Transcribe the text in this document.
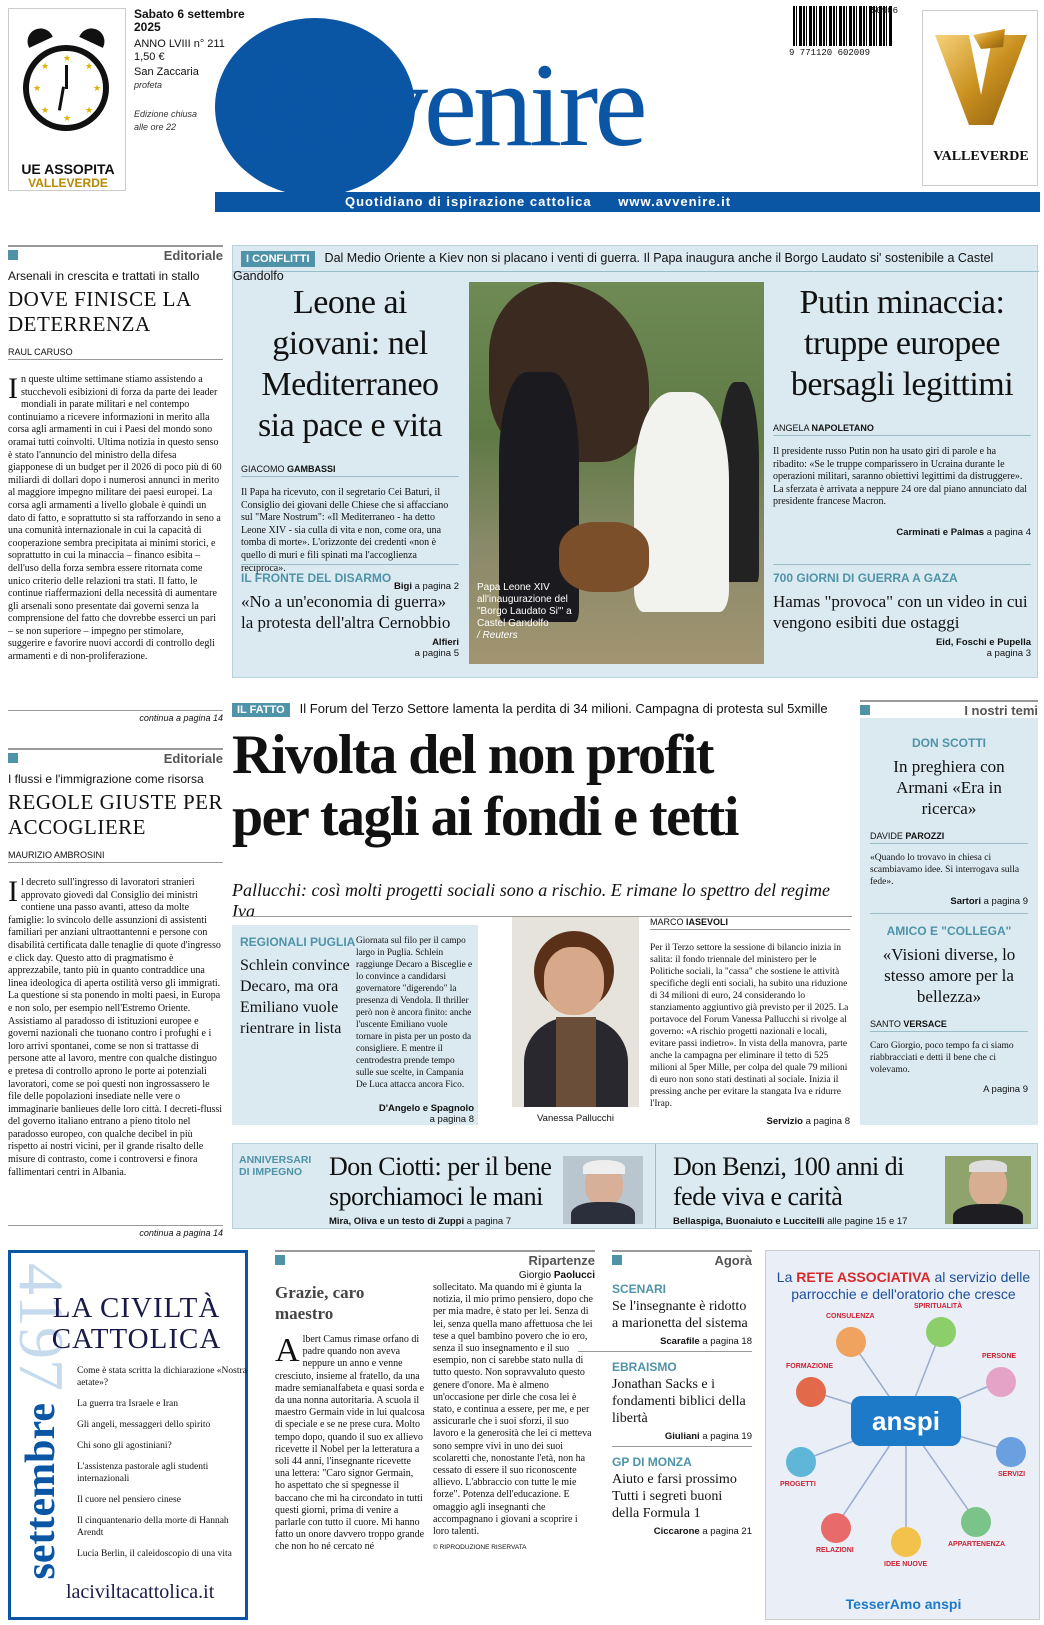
★
★
★
★
★
★
★
★
UE ASSOPITA
VALLEVERDE
Sabato 6 settembre 2025
ANNO LVIII n° 211
1,50 €
San Zaccaria
profeta
Edizione chiusa alle ore 22 Avvenire
Quotidiano di ispirazione cattolica www.avvenire.it
50906
9 771120 602009
VALLEVERDE
Editoriale
Arsenali in crescita e trattati in stallo
DOVE FINISCE LA DETERRENZA
RAUL CARUSO
In queste ultime settimane stiamo assistendo a stucchevoli esibizioni di forza da parte dei leader mondiali in parate militari e nel contempo continuiamo a ricevere informazioni in merito alla corsa agli armamenti in cui i Paesi del mondo sono oramai tutti coinvolti. Ultima notizia in questo senso è stato l'annuncio del ministro della difesa giapponese di un budget per il 2026 di poco più di 60 miliardi di dollari dopo i numerosi annunci in merito al maggiore impegno militare dei paesi europei. La corsa agli armamenti a livello globale è quindi un dato di fatto, e soprattutto si sta rafforzando in seno a una comunità internazionale in cui la capacità di cooperazione sembra precipitata ai minimi storici, e soprattutto in cui la minaccia – financo esibita – dell'uso della forza sembra essere ritornata come unico criterio delle relazioni tra stati. Il fatto, le continue riaffermazioni della necessità di aumentare gli arsenali sono presentate dai governi senza la comprensione del fatto che dovrebbe esserci un pari – se non superiore – impegno per stimolare, suggerire e favorire nuovi accordi di controllo degli armamenti e di non-proliferazione.
continua a pagina 14
Editoriale
I flussi e l'immigrazione come risorsa
REGOLE GIUSTE PER ACCOGLIERE
MAURIZIO AMBROSINI
Il decreto sull'ingresso di lavoratori stranieri approvato giovedì dal Consiglio dei ministri contiene una passo avanti, atteso da molte famiglie: lo svincolo delle assunzioni di assistenti familiari per anziani ultraottantenni e persone con disabilità certificata dalle tenaglie di quote d'ingresso e click day. Questo atto di pragmatismo è apprezzabile, tanto più in quanto contraddice una linea ideologica di aperta ostilità verso gli immigrati. La questione si sta ponendo in molti paesi, in Europa e non solo, per esempio nell'Estremo Oriente. Assistiamo al paradosso di istituzioni europee e governi nazionali che tuonano contro i profughi e i loro arrivi spontanei, come se non si trattasse di persone atte al lavoro, mentre con qualche distinguo e pretesa di controllo aprono le porte ai potenziali lavoratori, come se poi questi non ingrossassero le file delle popolazioni insediate nelle vere o immaginarie banlieues delle loro città. I decreti-flussi del governo italiano entrano a pieno titolo nel paradosso europeo, con qualche decibel in più rispetto ai nostri vicini, per il grande risalto delle misure di contrasto, come i controversi e finora fallimentari centri in Albania.
continua a pagina 14
I CONFLITTI Dal Medio Oriente a Kiev non si placano i venti di guerra. Il Papa inaugura anche il Borgo Laudato si' sostenibile a Castel Gandolfo
Leone ai giovani: nel Mediterraneo sia pace e vita
GIACOMO GAMBASSI
Il Papa ha ricevuto, con il segretario Cei Baturi, il Consiglio dei giovani delle Chiese che si affacciano sul "Mare Nostrum": «Il Mediterraneo - ha detto Leone XIV - sia culla di vita e non, come ora, una tomba di morte». L'orizzonte dei credenti «non è quello di muri e fili spinati ma l'accoglienza reciproca».
Bigi a pagina 2
IL FRONTE DEL DISARMO
«No a un'economia di guerra» la protesta dell'altra Cernobbio
Alfieri
a pagina 5
Papa Leone XIV all'inaugurazione del "Borgo Laudato Si'" a Castel Gandolfo
/ Reuters
Putin minaccia: truppe europee bersagli legittimi
ANGELA NAPOLETANO
Il presidente russo Putin non ha usato giri di parole e ha ribadito: «Se le truppe comparissero in Ucraina durante le operazioni militari, saranno obiettivi legittimi da distruggere». La sferzata è arrivata a neppure 24 ore dal piano annunciato dal presidente francese Macron.
Carminati e Palmas a pagina 4
700 GIORNI DI GUERRA A GAZA
Hamas "provoca" con un video in cui vengono esibiti due ostaggi
Eid, Foschi e Pupella
a pagina 3
IL FATTO Il Forum del Terzo Settore lamenta la perdita di 34 milioni. Campagna di protesta sul 5xmille
Rivolta del non profit
per tagli ai fondi e tetti
Pallucchi: così molti progetti sociali sono a rischio. E rimane lo spettro del regime Iva
REGIONALI PUGLIA
Schlein convince Decaro, ma ora Emiliano vuole rientrare in lista
Giornata sul filo per il campo largo in Puglia. Schlein raggiunge Decaro a Bisceglie e lo convince a candidarsi governatore "digerendo" la presenza di Vendola. Il thriller però non è ancora finito: anche l'uscente Emiliano vuole tornare in pista per un posto da consigliere. E mentre il centrodestra prende tempo sulle sue scelte, in Campania De Luca attacca ancora Fico.
D'Angelo e Spagnolo
a pagina 8	Vanessa Pallucchi
MARCO IASEVOLI
Per il Terzo settore la sessione di bilancio inizia in salita: il fondo triennale del ministero per le Politiche sociali, la "cassa" che sostiene le attività specifiche degli enti sociali, ha subito una riduzione di 34 milioni di euro, 24 considerando lo stanziamento aggiuntivo già previsto per il 2025. La portavoce del Forum Vanessa Pallucchi si rivolge al governo: «A rischio progetti nazionali e locali, evitare passi indietro». In vista della manovra, parte anche la campagna per eliminare il tetto di 525 milioni al 5per Mille, per colpa del quale 79 milioni di euro non sono stati destinati al sociale. Inizia il pressing anche per evitare la stangata Iva e ridurre l'Irap.
Servizio a pagina 8
I nostri temi
DON SCOTTI
In preghiera con Armani «Era in ricerca»
DAVIDE PAROZZI
«Quando lo trovavo in chiesa ci scambiavamo idee. Si interrogava sulla fede».
Sartori a pagina 9
AMICO E "COLLEGA"
«Visioni diverse, lo stesso amore per la bellezza»
SANTO VERSACE
Caro Giorgio, poco tempo fa ci siamo riabbracciati e detti il bene che ci volevamo.
A pagina 9
ANNIVERSARI DI IMPEGNO	Don Ciotti: per il bene sporchiamoci le mani
Mira, Oliva e un testo di Zuppi a pagina 7
Don Benzi, 100 anni di fede viva e carità
Bellaspiga, Buonaiuto e Luccitelli alle pagine 15 e 17
4197
settembre
LA CIVILTÀ CATTOLICA
Come è stata scritta la dichiarazione «Nostra aetate»?
La guerra tra Israele e Iran
Gli angeli, messaggeri dello spirito
Chi sono gli agostiniani?
L'assistenza pastorale agli studenti internazionali
Il cuore nel pensiero cinese
Il cinquantenario della morte di Hannah Arendt
Lucia Berlin, il caleidoscopio di una vita
laciviltacattolica.it
Ripartenze
Giorgio Paolucci
Grazie, caro maestro
Albert Camus rimase orfano di padre quando non aveva neppure un anno e venne cresciuto, insieme al fratello, da una madre semianalfabeta e quasi sorda e da una nonna autoritaria. A scuola il maestro Germain vide in lui qualcosa di speciale e se ne prese cura. Molto tempo dopo, quando il suo ex allievo ricevette il Nobel per la letteratura a soli 44 anni, l'insegnante ricevette una lettera: "Caro signor Germain, ho aspettato che si spegnesse il baccano che mi ha circondato in tutti questi giorni, prima di venire a parlarle con tutto il cuore. Mi hanno fatto un onore davvero troppo grande che non ho né cercato né
sollecitato. Ma quando mi è giunta la notizia, il mio primo pensiero, dopo che per mia madre, è stato per lei. Senza di lei, senza quella mano affettuosa che lei tese a quel bambino povero che io ero, senza il suo insegnamento e il suo esempio, non ci sarebbe stato nulla di tutto questo. Non sopravvaluto questo genere d'onore. Ma è almeno un'occasione per dirle che cosa lei è stato, e continua a essere, per me, e per assicurarle che i suoi sforzi, il suo lavoro e la generosità che lei ci metteva sono sempre vivi in uno dei suoi scolaretti che, nonostante l'età, non ha cessato di essere il suo riconoscente allievo. L'abbraccio con tutte le mie forze". Potenza dell'educazione. E omaggio agli insegnanti che accompagnano i giovani a scoprire i loro talenti.
© RIPRODUZIONE RISERVATA
Agorà
SCENARI
Se l'insegnante è ridotto a marionetta del sistema
Scarafile a pagina 18
EBRAISMO
Jonathan Sacks e i fondamenti biblici della libertà
Giuliani a pagina 19
GP DI MONZA
Aiuto e farsi prossimo Tutti i segreti buoni della Formula 1
Ciccarone a pagina 21
La RETE ASSOCIATIVA al servizio delle parrocchie e dell'oratorio che cresce
CONSULENZA
SPIRITUALITÀ
FORMAZIONE
PERSONE
PROGETTI
SERVIZI
RELAZIONI
IDEE NUOVE
APPARTENENZA
anspi
TesserAmo anspi
